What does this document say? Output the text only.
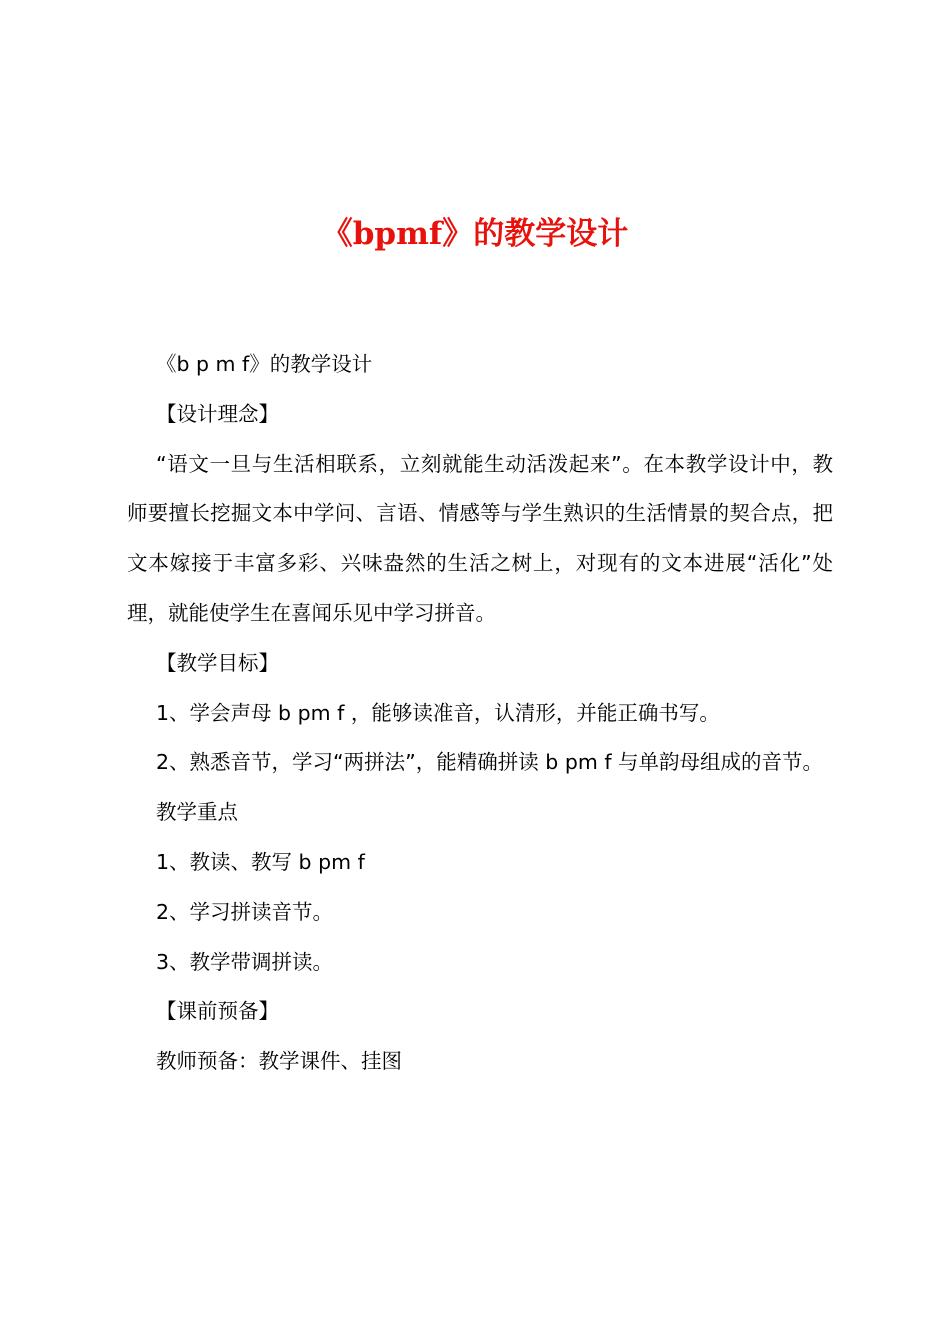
《bpmf》的教学设计

《b p m f》的教学设计

【设计理念】

“语文一旦与生活相联系，立刻就能生动活泼起来”。在本教学设计中，教师要擅长挖掘文本中学问、言语、情感等与学生熟识的生活情景的契合点，把文本嫁接于丰富多彩、兴味盎然的生活之树上，对现有的文本进展“活化”处理，就能使学生在喜闻乐见中学习拼音。

【教学目标】

1、学会声母 b pm f ，能够读准音，认清形，并能正确书写。

2、熟悉音节，学习“两拼法”，能精确拼读 b pm f 与单韵母组成的音节。

教学重点

1、教读、教写 b pm f

2、学习拼读音节。

3、教学带调拼读。

【课前预备】

教师预备：教学课件、挂图
